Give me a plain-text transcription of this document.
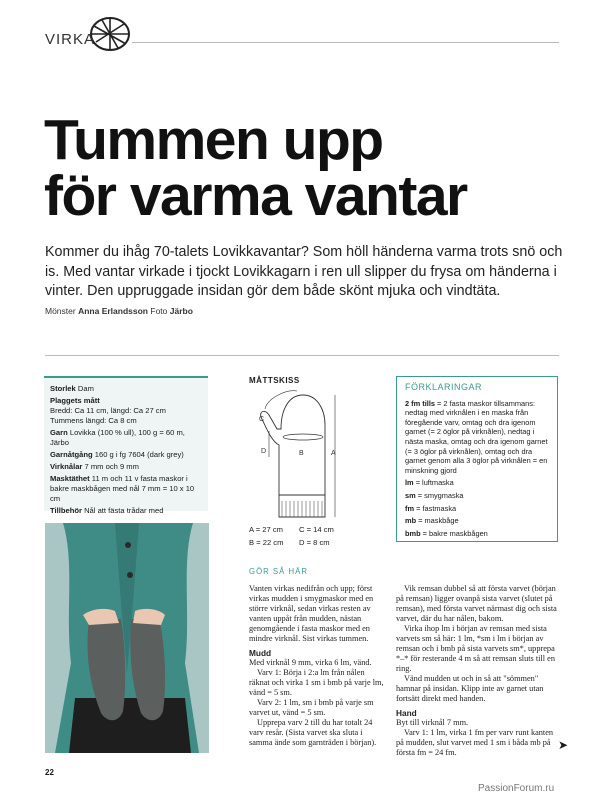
VIRKA
Tummen upp
för varma vantar
Kommer du ihåg 70-talets Lovikkavantar? Som höll händerna varma trots snö och is. Med vantar virkade i tjockt Lovikkagarn i ren ull slipper du frysa om händerna i vinter. Den uppruggade insidan gör dem både skönt mjuka och vindtäta.
Mönster Anna Erlandsson Foto Järbo
Storlek Dam
Plaggets mått
Bredd: Ca 11 cm, längd: Ca 27 cm
Tummens längd: Ca 8 cm
Garn Lovikka (100 % ull), 100 g = 60 m, Järbo
Garnåtgång 160 g i fg 7604 (dark grey)
Virknålar 7 mm och 9 mm
Masktäthet 11 m och 11 v fasta maskor i bakre maskbågen med nål 7 mm = 10 x 10 cm
Tillbehör Nål att fästa trådar med
MÅTTSKISS
A
B
C
D
A = 27 cm C = 14 cm
B = 22 cm D = 8 cm
GÖR SÅ HÄR

Vanten virkas nedifrån och upp; först virkas mudden i smygmaskor med en större virknål, sedan virkas resten av vanten uppåt från mudden, nästan genomgående i fasta maskor med en mindre virknål. Sist virkas tummen.

Mudd

Med virknål 9 mm, virka 6 lm, vänd.

Varv 1: Börja i 2:a lm från nålen räknat och virka 1 sm i bmb på varje lm, vänd = 5 sm.

Varv 2: 1 lm, sm i bmb på varje sm varvet ut, vänd = 5 sm.

Upprepa varv 2 till du har totalt 24 varv resår. (Sista varvet ska sluta i samma ände som garnträden i början).

FÖRKLARINGAR

2 fm tills = 2 fasta maskor tillsammans: nedtag med virknålen i en maska från föregående varv, omtag och dra igenom garnet (= 2 öglor på virknålen), nedtag i nästa maska, omtag och dra igenom garnet (= 3 öglor på virknålen), omtag och dra garnet genom alla 3 öglor på virknålen = en minskning gjord

lm = luftmaska

sm = smygmaska

fm = fastmaska

mb = maskbåge

bmb = bakre maskbågen

Vik remsan dubbel så att första varvet (början på remsan) ligger ovanpå sista varvet (slutet på remsan), med första varvet närmast dig och sista varvet, där du har nålen, bakom.

Virka ihop lm i början av remsan med sista varvets sm så här: 1 lm, *sm i lm i början av remsan och i bmb på sista varvets sm*, upprepa *–* för resterande 4 m så att remsan sluts till en ring.

Vänd mudden ut och in så att "sömmen" hamnar på insidan. Klipp inte av garnet utan fortsätt direkt med handen.

Hand

Byt till virknål 7 mm.

Varv 1: 1 lm, virka 1 fm per varv runt kanten på mudden, slut varvet med 1 sm i båda mb på första fm = 24 fm.

➤
22
PassionForum.ru
